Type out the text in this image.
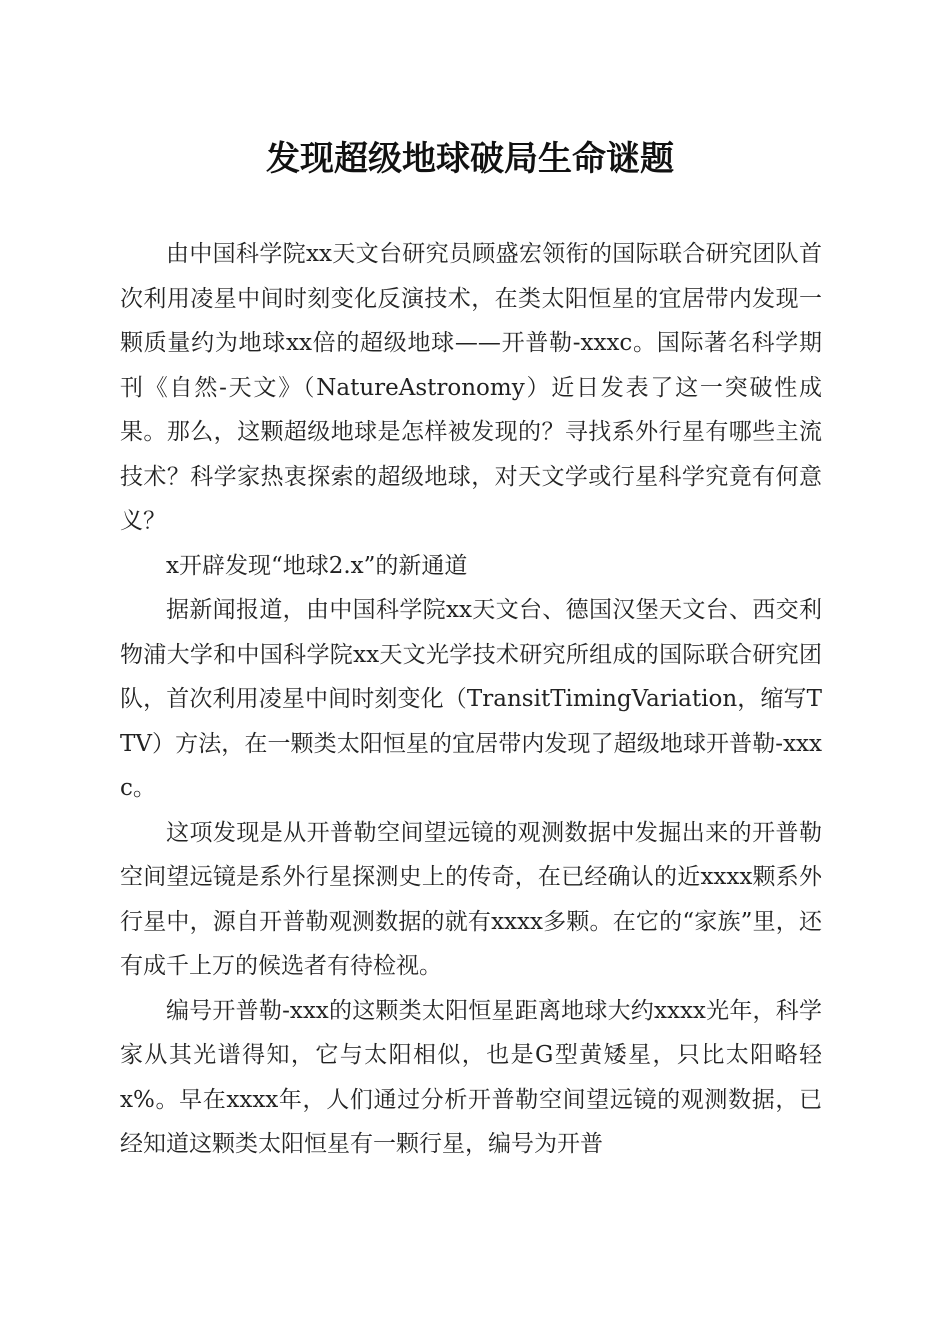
发现超级地球破局生命谜题

由中国科学院xx天文台研究员顾盛宏领衔的国际联合研究团队首次利用凌星中间时刻变化反演技术，在类太阳恒星的宜居带内发现一颗质量约为地球xx倍的超级地球——开普勒-xxxc。国际著名科学期刊《自然-天文》（NatureAstronomy）近日发表了这一突破性成果。那么，这颗超级地球是怎样被发现的？寻找系外行星有哪些主流技术？科学家热衷探索的超级地球，对天文学或行星科学究竟有何意义？

x开辟发现“地球2.x”的新通道

据新闻报道，由中国科学院xx天文台、德国汉堡天文台、西交利物浦大学和中国科学院xx天文光学技术研究所组成的国际联合研究团队，首次利用凌星中间时刻变化（TransitTimingVariation，缩写TTV）方法，在一颗类太阳恒星的宜居带内发现了超级地球开普勒-xxxc。

这项发现是从开普勒空间望远镜的观测数据中发掘出来的开普勒空间望远镜是系外行星探测史上的传奇，在已经确认的近xxxx颗系外行星中，源自开普勒观测数据的就有xxxx多颗。在它的“家族”里，还有成千上万的候选者有待检视。

编号开普勒-xxx的这颗类太阳恒星距离地球大约xxxx光年，科学家从其光谱得知，它与太阳相似，也是G型黄矮星，只比太阳略轻x%。早在xxxx年，人们通过分析开普勒空间望远镜的观测数据，已经知道这颗类太阳恒星有一颗行星，编号为开普
